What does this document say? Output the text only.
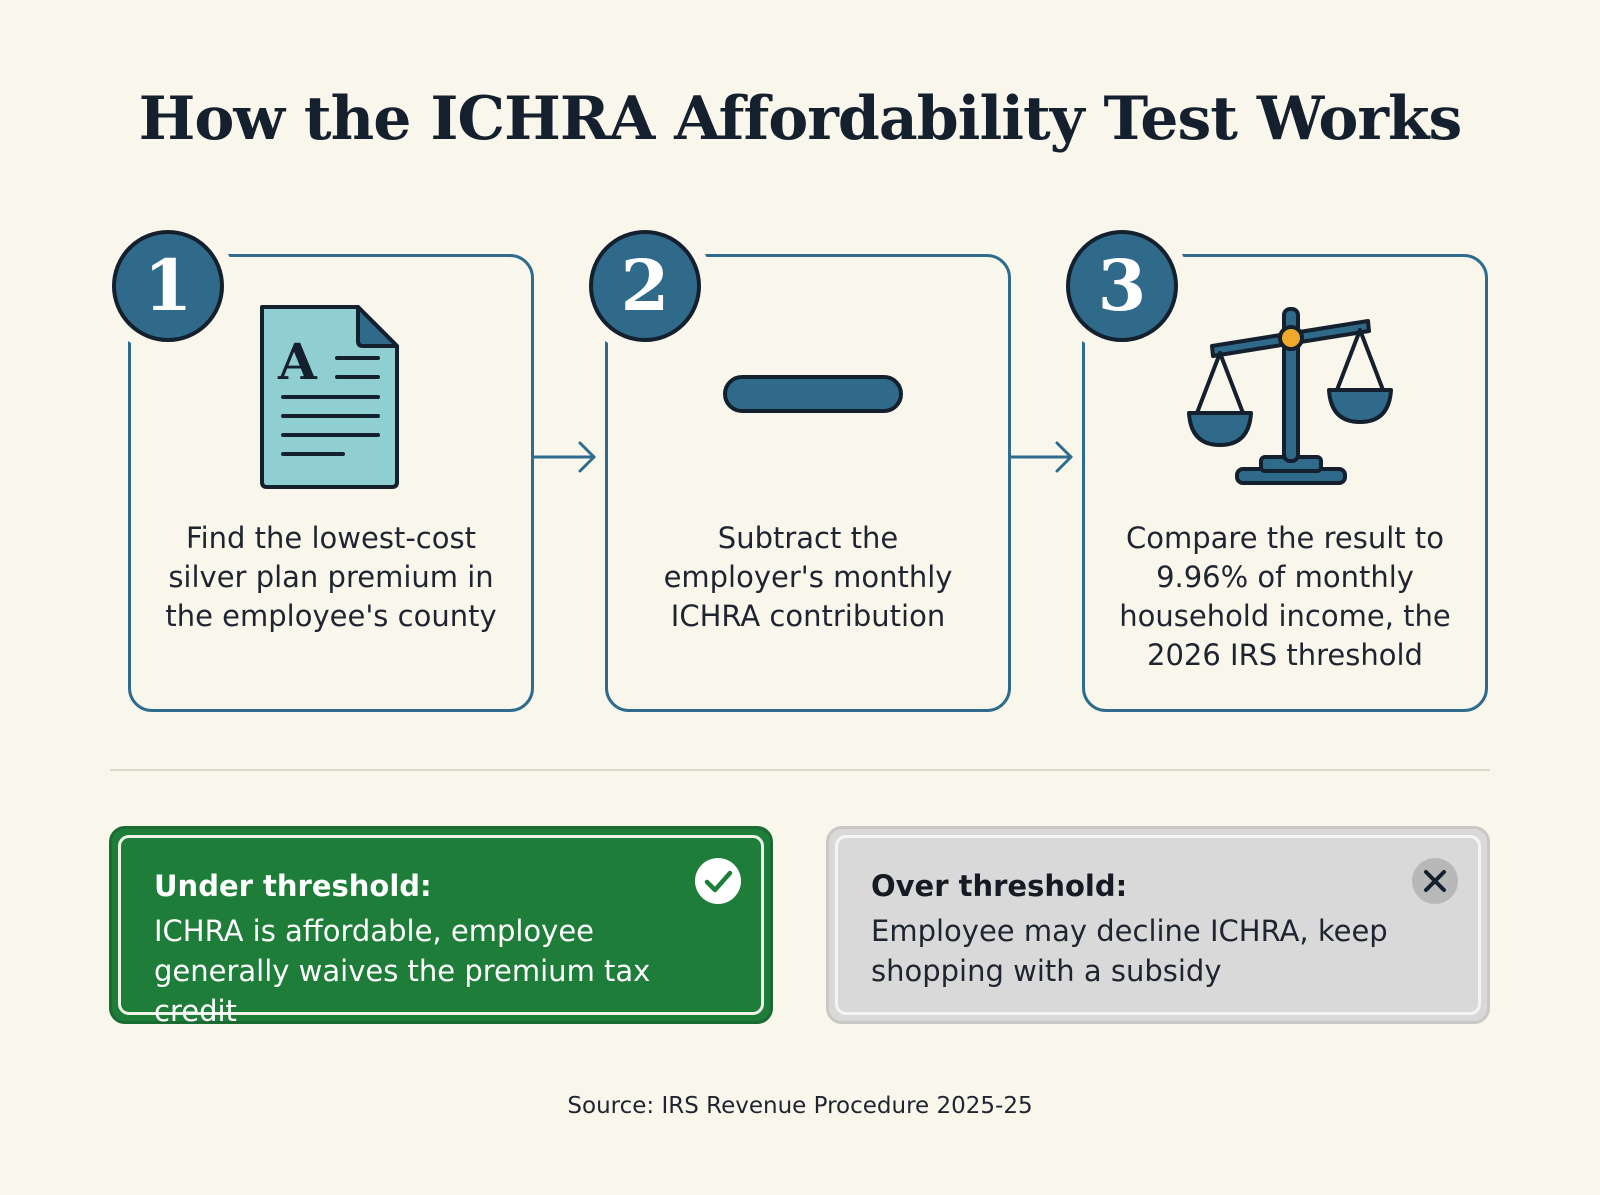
How the ICHRA Affordability Test Works
A
Find the lowest-cost silver plan premium in the employee's county
1
Subtract the employer's monthly ICHRA contribution
2
Compare the result to 9.96% of monthly household income, the 2026 IRS threshold
3
Under threshold:
ICHRA is affordable, employee generally waives the premium tax credit
Over threshold:
Employee may decline ICHRA, keep shopping with a subsidy
Source: IRS Revenue Procedure 2025-25
